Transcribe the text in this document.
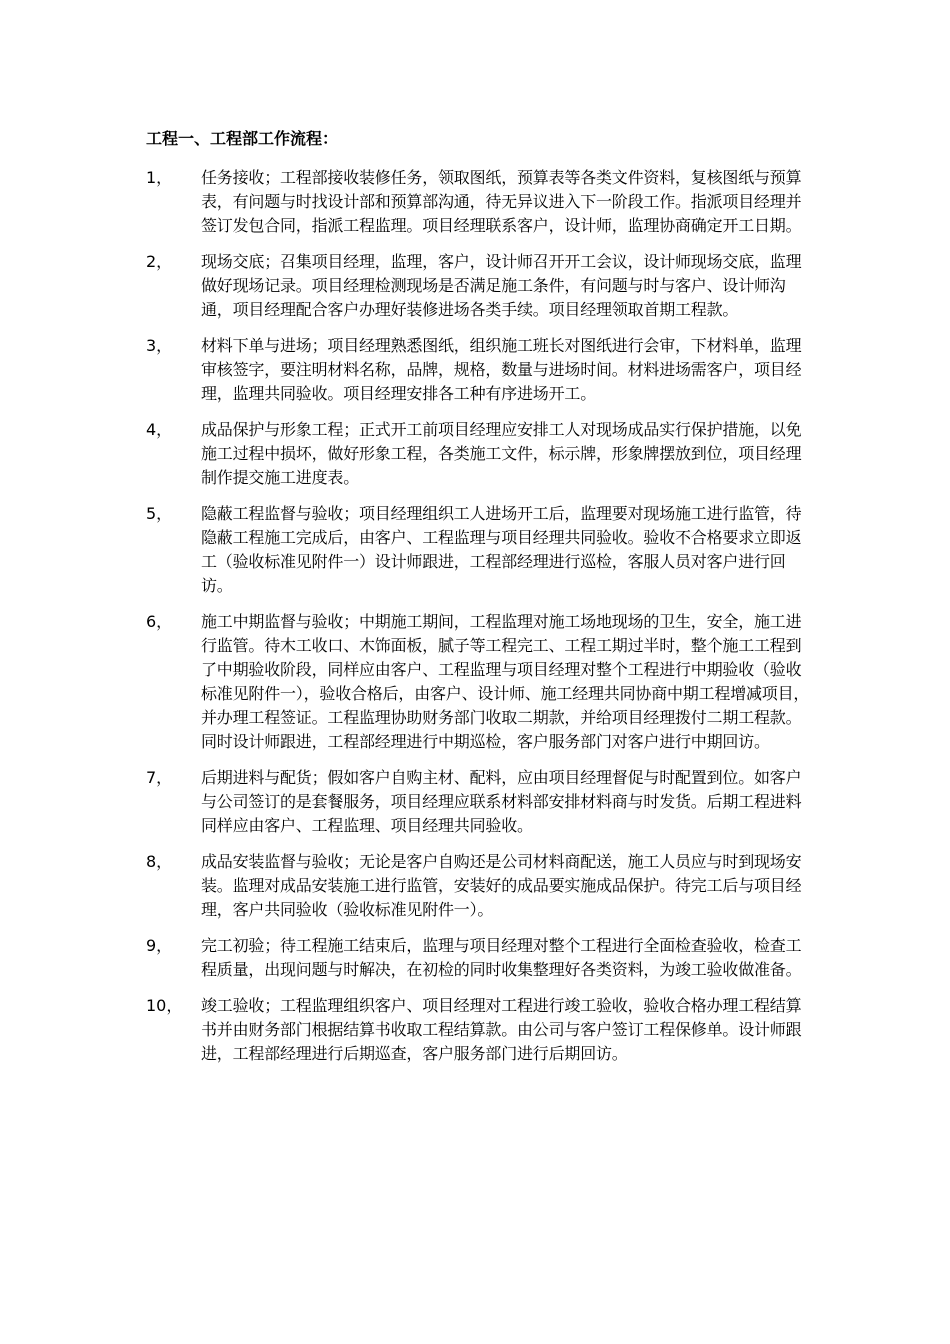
工程一、工程部工作流程：
1，	任务接收；工程部接收装修任务，领取图纸，预算表等各类文件资料，复核图纸与预算表，有问题与时找设计部和预算部沟通，待无异议进入下一阶段工作。指派项目经理并签订发包合同，指派工程监理。项目经理联系客户，设计师，监理协商确定开工日期。
2，	现场交底；召集项目经理，监理，客户，设计师召开开工会议，设计师现场交底，监理做好现场记录。项目经理检测现场是否满足施工条件，有问题与时与客户、设计师沟通，项目经理配合客户办理好装修进场各类手续。项目经理领取首期工程款。
3，	材料下单与进场；项目经理熟悉图纸，组织施工班长对图纸进行会审，下材料单，监理审核签字，要注明材料名称，品牌，规格，数量与进场时间。材料进场需客户，项目经理，监理共同验收。项目经理安排各工种有序进场开工。
4，	成品保护与形象工程；正式开工前项目经理应安排工人对现场成品实行保护措施，以免施工过程中损坏，做好形象工程，各类施工文件，标示牌，形象牌摆放到位，项目经理制作提交施工进度表。
5，	隐蔽工程监督与验收；项目经理组织工人进场开工后，监理要对现场施工进行监管，待隐蔽工程施工完成后，由客户、工程监理与项目经理共同验收。验收不合格要求立即返工（验收标准见附件一）设计师跟进，工程部经理进行巡检，客服人员对客户进行回访。
6，	施工中期监督与验收；中期施工期间，工程监理对施工场地现场的卫生，安全，施工进行监管。待木工收口、木饰面板，腻子等工程完工、工程工期过半时，整个施工工程到了中期验收阶段，同样应由客户、工程监理与项目经理对整个工程进行中期验收（验收标准见附件一），验收合格后，由客户、设计师、施工经理共同协商中期工程增减项目，并办理工程签证。工程监理协助财务部门收取二期款，并给项目经理拨付二期工程款。同时设计师跟进，工程部经理进行中期巡检，客户服务部门对客户进行中期回访。
7，	后期进料与配货；假如客户自购主材、配料，应由项目经理督促与时配置到位。如客户与公司签订的是套餐服务，项目经理应联系材料部安排材料商与时发货。后期工程进料同样应由客户、工程监理、项目经理共同验收。
8，	成品安装监督与验收；无论是客户自购还是公司材料商配送，施工人员应与时到现场安装。监理对成品安装施工进行监管，安装好的成品要实施成品保护。待完工后与项目经理，客户共同验收（验收标准见附件一）。
9，	完工初验；待工程施工结束后，监理与项目经理对整个工程进行全面检查验收，检查工程质量，出现问题与时解决，在初检的同时收集整理好各类资料，为竣工验收做准备。
10，	竣工验收；工程监理组织客户、项目经理对工程进行竣工验收，验收合格办理工程结算书并由财务部门根据结算书收取工程结算款。由公司与客户签订工程保修单。设计师跟进，工程部经理进行后期巡查，客户服务部门进行后期回访。
